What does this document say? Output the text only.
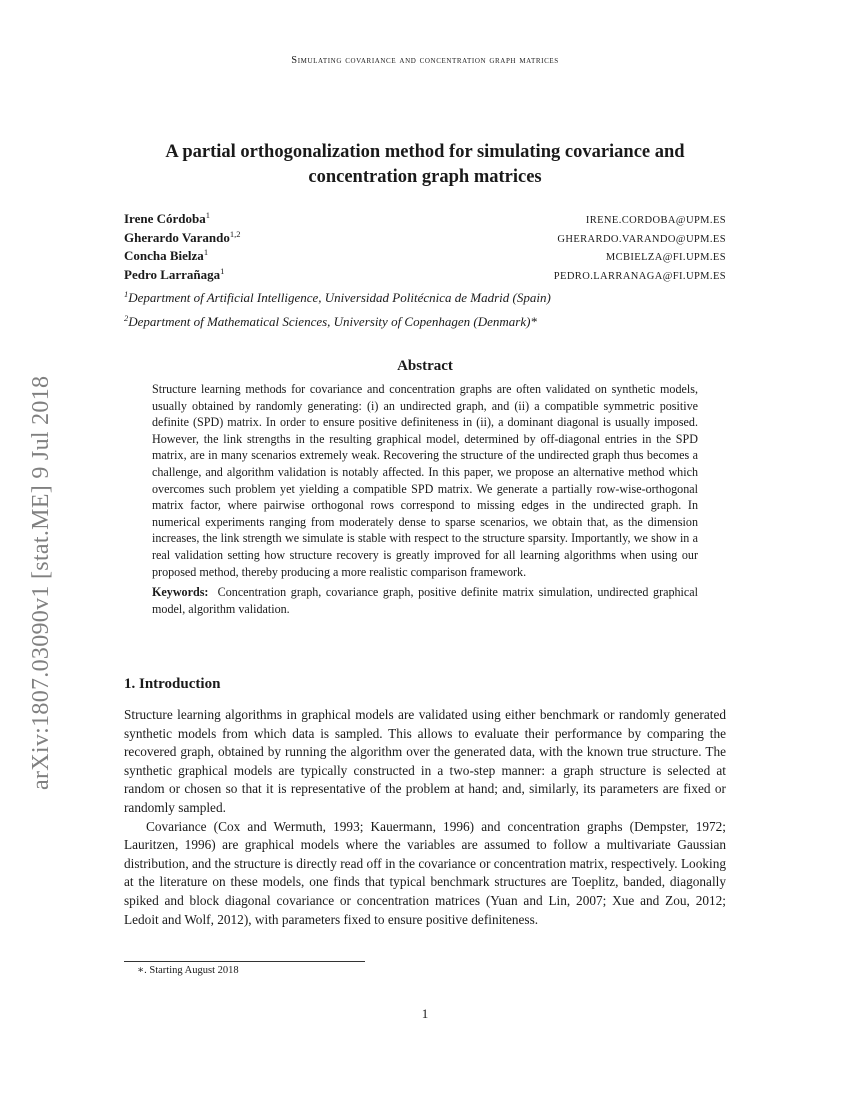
Simulating covariance and concentration graph matrices
arXiv:1807.03090v1 [stat.ME] 9 Jul 2018
A partial orthogonalization method for simulating covariance and concentration graph matrices
Irene Córdoba$^1$	IRENE.CORDOBA@UPM.ES
Gherardo Varando$^{1,2}$	GHERARDO.VARANDO@UPM.ES
Concha Bielza$^1$	MCBIELZA@FI.UPM.ES
Pedro Larrañaga$^1$	PEDRO.LARRANAGA@FI.UPM.ES
$^1$Department of Artificial Intelligence, Universidad Politécnica de Madrid (Spain)
$^2$Department of Mathematical Sciences, University of Copenhagen (Denmark)*
Abstract
Structure learning methods for covariance and concentration graphs are often validated on synthetic models, usually obtained by randomly generating: (i) an undirected graph, and (ii) a compatible symmetric positive definite (SPD) matrix. In order to ensure positive definiteness in (ii), a dominant diagonal is usually imposed. However, the link strengths in the resulting graphical model, determined by off-diagonal entries in the SPD matrix, are in many scenarios extremely weak. Recovering the structure of the undirected graph thus becomes a challenge, and algorithm validation is notably affected. In this paper, we propose an alternative method which overcomes such problem yet yielding a compatible SPD matrix. We generate a partially row-wise-orthogonal matrix factor, where pairwise orthogonal rows correspond to missing edges in the undirected graph. In numerical experiments ranging from moderately dense to sparse scenarios, we obtain that, as the dimension increases, the link strength we simulate is stable with respect to the structure sparsity. Importantly, we show in a real validation setting how structure recovery is greatly improved for all learning algorithms when using our proposed method, thereby producing a more realistic comparison framework.
Keywords: Concentration graph, covariance graph, positive definite matrix simulation, undirected graphical model, algorithm validation.
1. Introduction

Structure learning algorithms in graphical models are validated using either benchmark or randomly generated synthetic models from which data is sampled. This allows to evaluate their performance by comparing the recovered graph, obtained by running the algorithm over the generated data, with the known true structure. The synthetic graphical models are typically constructed in a two-step manner: a graph structure is selected at random or chosen so that it is representative of the problem at hand; and, similarly, its parameters are fixed or randomly sampled.

Covariance (Cox and Wermuth, 1993; Kauermann, 1996) and concentration graphs (Dempster, 1972; Lauritzen, 1996) are graphical models where the variables are assumed to follow a multivariate Gaussian distribution, and the structure is directly read off in the covariance or concentration matrix, respectively. Looking at the literature on these models, one finds that typical benchmark structures are Toeplitz, banded, diagonally spiked and block diagonal covariance or concentration matrices (Yuan and Lin, 2007; Xue and Zou, 2012; Ledoit and Wolf, 2012), with parameters fixed to ensure positive definiteness.

∗. Starting August 2018
1
